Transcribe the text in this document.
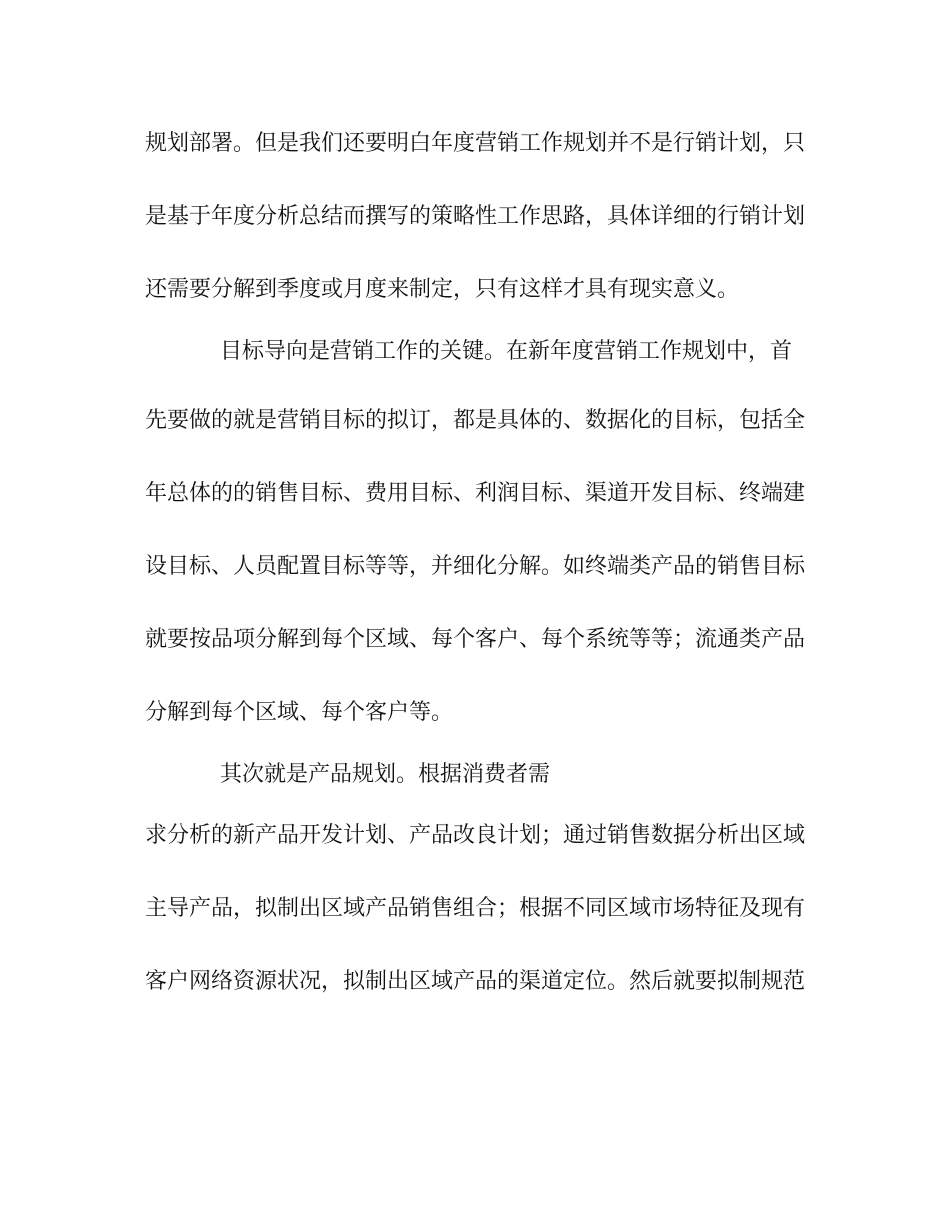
规划部署。但是我们还要明白年度营销工作规划并不是行销计划，只

是基于年度分析总结而撰写的策略性工作思路，具体详细的行销计划

还需要分解到季度或月度来制定，只有这样才具有现实意义。

目标导向是营销工作的关键。在新年度营销工作规划中，首

先要做的就是营销目标的拟订，都是具体的、数据化的目标，包括全

年总体的的销售目标、费用目标、利润目标、渠道开发目标、终端建

设目标、人员配置目标等等，并细化分解。如终端类产品的销售目标

就要按品项分解到每个区域、每个客户、每个系统等等；流通类产品

分解到每个区域、每个客户等。

其次就是产品规划。根据消费者需

求分析的新产品开发计划、产品改良计划；通过销售数据分析出区域

主导产品，拟制出区域产品销售组合；根据不同区域市场特征及现有

客户网络资源状况，拟制出区域产品的渠道定位。然后就要拟制规范
